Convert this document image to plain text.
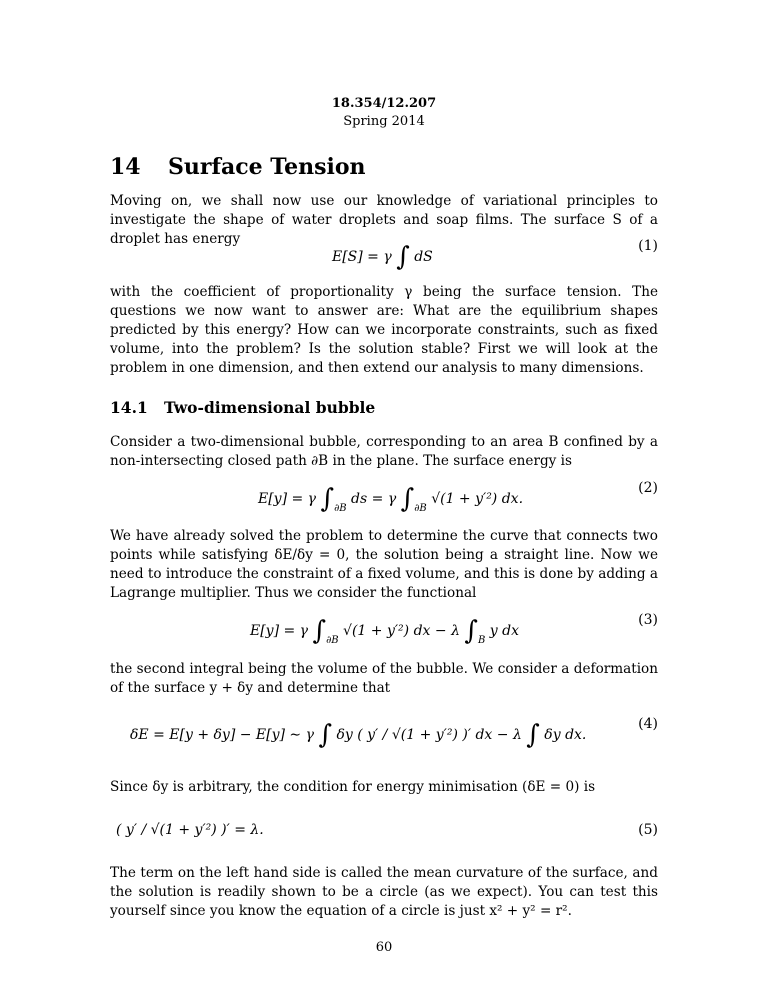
18.354/12.207
Spring 2014
14 Surface Tension
Moving on, we shall now use our knowledge of variational principles to investigate the shape of water droplets and soap films. The surface S of a droplet has energy
E[S] = γ ∫ dS
(1)
with the coefficient of proportionality γ being the surface tension. The questions we now want to answer are: What are the equilibrium shapes predicted by this energy? How can we incorporate constraints, such as fixed volume, into the problem? Is the solution stable? First we will look at the problem in one dimension, and then extend our analysis to many dimensions.
14.1 Two-dimensional bubble
Consider a two-dimensional bubble, corresponding to an area B confined by a non-intersecting closed path ∂B in the plane. The surface energy is
E[y] = γ $\int_{\partial B}$ ds = γ $\int_{\partial B}$ √(1 + y′²) dx.
(2)
We have already solved the problem to determine the curve that connects two points while satisfying δE/δy = 0, the solution being a straight line. Now we need to introduce the constraint of a fixed volume, and this is done by adding a Lagrange multiplier. Thus we consider the functional
E[y] = γ $\int_{\partial B}$ √(1 + y′²) dx − λ $\int_B$ y dx
(3)
the second integral being the volume of the bubble. We consider a deformation of the surface y + δy and determine that
δE = E[y + δy] − E[y] ∼ γ ∫ δy ( y′ / √(1 + y′²) )′ dx − λ ∫ δy dx.
(4)
Since δy is arbitrary, the condition for energy minimisation (δE = 0) is
( y′ / √(1 + y′²) )′ = λ.	(5)
The term on the left hand side is called the mean curvature of the surface, and the solution is readily shown to be a circle (as we expect). You can test this yourself since you know the equation of a circle is just x² + y² = r².
60
